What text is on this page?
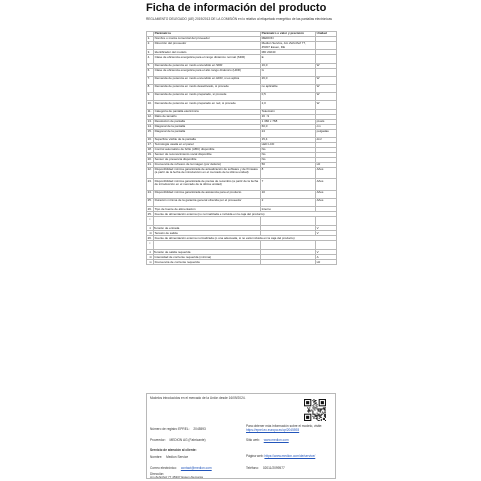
Ficha de información del producto
REGLAMENTO DELEGADO (UE) 2019/2013 DE LA COMISIÓN en lo relativo al etiquetado energético de las pantallas electrónicas
	Parámetros	Parámetro o valor y precisión	Unidad
1.	Nombre o marca comercial del proveedor	MEDION	
2.	Dirección del proveedor	Medion Service, Am Zehnthof 77, 45307 Essen, DE	
3.	Identificador del modelo	MD 20240	
4.	Clase de eficiencia energética para el rango dinámico normal (SDR)	E	
5.	Demanda de potencia en modo encendido en SDR	16,0	W
6.	Clase de eficiencia energética para el alto rango dinámico (HDR)	G	
7.	Demanda de potencia en modo encendido en HDR, si es aplica	26,0	W
8.	Demanda de potencia en modo desactivado, si procede	no aplicable	W
9.	Demanda de potencia en modo preparado, si procede	0,5	W
10.	Demanda de potencia en modo preparado en red, si procede	2,0	W
11.	Categoría de pantalla electrónica	Televisión	
12.	Ratio de tamaño	16 : 9	
13.	Resolución de pantalla	1 366 x 768	píxels
14.	Diagonal de la pantalla	60,0	cm
15.	Diagonal de la pantalla	24	pulgadas
16.	Superficie visible de la pantalla	15,4	dm²
17.	Tecnología usada en el panel	LED LCD	
18.	Control automático de brillo (ABC) disponible	No	
19.	Sensor de reconocimiento vocal disponible	No	
20.	Sensor de presencia disponible	No	
21.	Frecuencia de refresco de la imagen (por defecto)	50	Hz
22.	Disponibilidad mínima garantizada de actualización de software y de firmware (a partir de la fecha de introducción en el mercado de la última unidad)	8	Años
23.	Disponibilidad mínima garantizada de piezas de recambio (a partir de la fecha de introducción en el mercado de la última unidad)	7	Años
24.	Disponibilidad mínima garantizada de asistencia para el producto	10	Años
25.	Duración mínima de la garantía general ofrecida por el proveedor	2	Años
26.	Tipo de fuente de alimentación	Interno	
25.	Fuente de alimentación externa (no normalizada e incluida en la caja del producto)		
	i		
	ii Tensión de entrada		V
	iii Tensión de salida		V
26.	Fuente de alimentación externa normalizada (o una adecuada, si no está incluida en la caja del producto)		
	i		
	ii Tensión de salida requerida		V
	iii Intensidad de corriente requerida (mínima)		A
	iv Frecuencia de corriente requerida		Hz
Modelos introducidos en el mercado de la Unión desde 16/09/2024.
Número de registro EPREL: 2045593
Para obtener más información sobre el modelo, visite: https://eprel.ec.europa.eu/qr/2045593
Proveedor: MEDION AG (Fabricante)	Sitio web: www.medion.com
Servicio de atención al cliente:
Nombre: Medion Service	Página web: https://www.medion.com/de/service/
Correo electrónico: contact@medion.com	Teléfono: 02011/2099577
Dirección:
Am Zehnthof 77 45307 Essen Alemania
